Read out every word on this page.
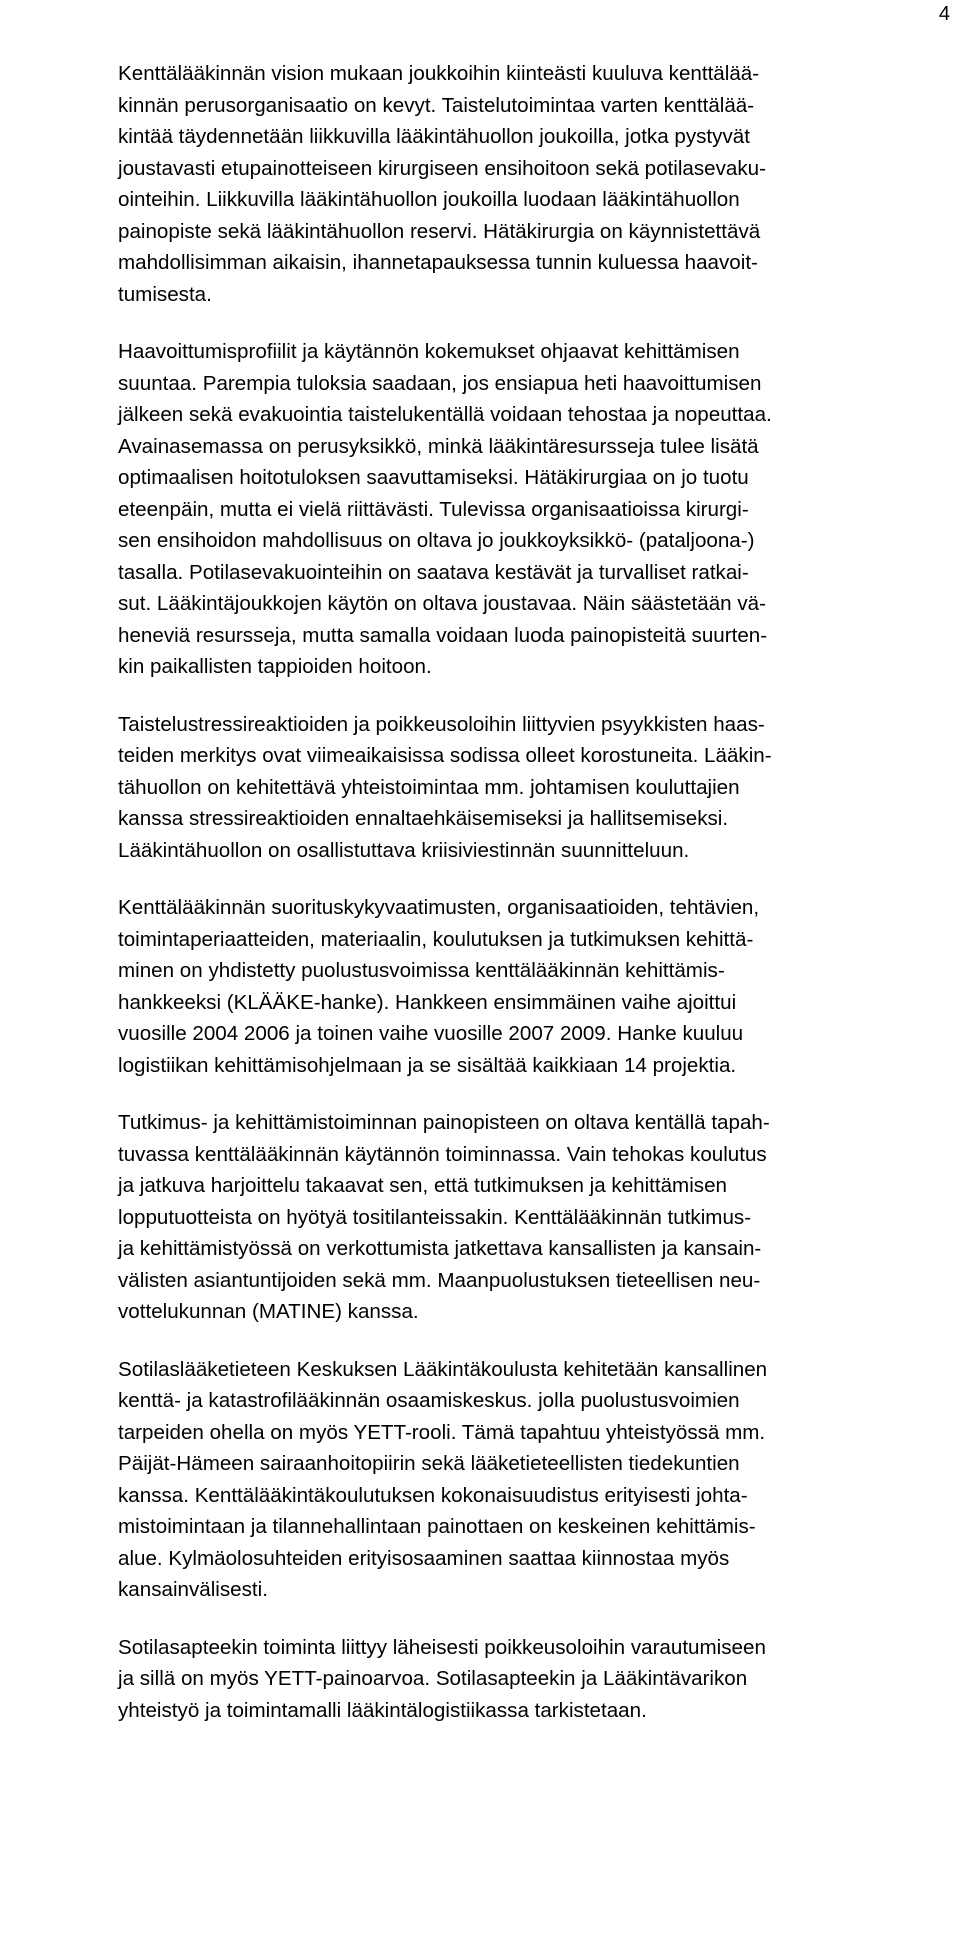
4

Kenttälääkinnän vision mukaan joukkoihin kiinteästi kuuluva kenttälää-
kinnän perusorganisaatio on kevyt. Taistelutoimintaa varten kenttälää-
kintää täydennetään liikkuvilla lääkintähuollon joukoilla, jotka pystyvät
joustavasti etupainotteiseen kirurgiseen ensihoitoon sekä potilasevaku-
ointeihin. Liikkuvilla lääkintähuollon joukoilla luodaan lääkintähuollon
painopiste sekä lääkintähuollon reservi. Hätäkirurgia on käynnistettävä
mahdollisimman aikaisin, ihannetapauksessa tunnin kuluessa haavoit-
tumisesta.

Haavoittumisprofiilit ja käytännön kokemukset ohjaavat kehittämisen
suuntaa. Parempia tuloksia saadaan, jos ensiapua heti haavoittumisen
jälkeen sekä evakuointia taistelukentällä voidaan tehostaa ja nopeuttaa.
Avainasemassa on perusyksikkö, minkä lääkintäresursseja tulee lisätä
optimaalisen hoitotuloksen saavuttamiseksi. Hätäkirurgiaa on jo tuotu
eteenpäin, mutta ei vielä riittävästi. Tulevissa organisaatioissa kirurgi-
sen ensihoidon mahdollisuus on oltava jo joukkoyksikkö- (pataljoona-)
tasalla. Potilasevakuointeihin on saatava kestävät ja turvalliset ratkai-
sut. Lääkintäjoukkojen käytön on oltava joustavaa. Näin säästetään vä-
heneviä resursseja, mutta samalla voidaan luoda painopisteitä suurten-
kin paikallisten tappioiden hoitoon.

Taistelustressireaktioiden ja poikkeusoloihin liittyvien psyykkisten haas-
teiden merkitys ovat viimeaikaisissa sodissa olleet korostuneita. Lääkin-
tähuollon on kehitettävä yhteistoimintaa mm. johtamisen kouluttajien
kanssa stressireaktioiden ennaltaehkäisemiseksi ja hallitsemiseksi.
Lääkintähuollon on osallistuttava kriisiviestinnän suunnitteluun.

Kenttälääkinnän suorituskykyvaatimusten, organisaatioiden, tehtävien,
toimintaperiaatteiden, materiaalin, koulutuksen ja tutkimuksen kehittä-
minen on yhdistetty puolustusvoimissa kenttälääkinnän kehittämis-
hankkeeksi (KLÄÄKE-hanke). Hankkeen ensimmäinen vaihe ajoittui
vuosille 2004 2006 ja toinen vaihe vuosille 2007 2009. Hanke kuuluu
logistiikan kehittämisohjelmaan ja se sisältää kaikkiaan 14 projektia.

Tutkimus- ja kehittämistoiminnan painopisteen on oltava kentällä tapah-
tuvassa kenttälääkinnän käytännön toiminnassa. Vain tehokas koulutus
ja jatkuva harjoittelu takaavat sen, että tutkimuksen ja kehittämisen
lopputuotteista on hyötyä tositilanteissakin. Kenttälääkinnän tutkimus-
ja kehittämistyössä on verkottumista jatkettava kansallisten ja kansain-
välisten asiantuntijoiden sekä mm. Maanpuolustuksen tieteellisen neu-
vottelukunnan (MATINE) kanssa.

Sotilaslääketieteen Keskuksen Lääkintäkoulusta kehitetään kansallinen
kenttä- ja katastrofilääkinnän osaamiskeskus. jolla puolustusvoimien
tarpeiden ohella on myös YETT-rooli. Tämä tapahtuu yhteistyössä mm.
Päijät-Hämeen sairaanhoitopiirin sekä lääketieteellisten tiedekuntien
kanssa. Kenttälääkintäkoulutuksen kokonaisuudistus erityisesti johta-
mistoimintaan ja tilannehallintaan painottaen on keskeinen kehittämis-
alue. Kylmäolosuhteiden erityisosaaminen saattaa kiinnostaa myös
kansainvälisesti.

Sotilasapteekin toiminta liittyy läheisesti poikkeusoloihin varautumiseen
ja sillä on myös YETT-painoarvoa. Sotilasapteekin ja Lääkintävarikon
yhteistyö ja toimintamalli lääkintälogistiikassa tarkistetaan.
